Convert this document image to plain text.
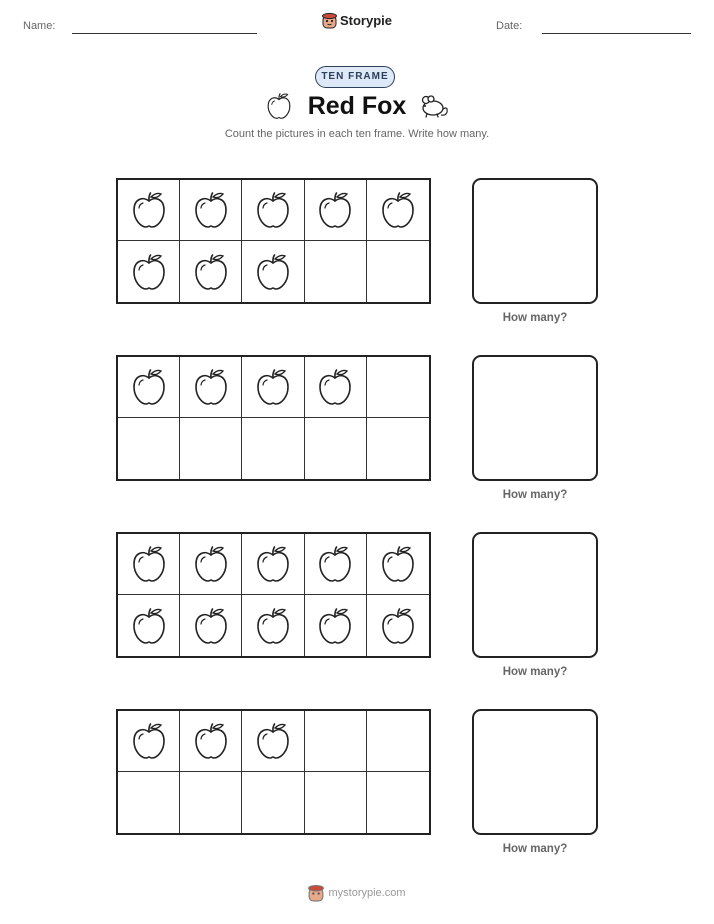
Name:	Storypie	Date:
TEN FRAME
Red Fox
Count the pictures in each ten frame. Write how many.
How many?
How many?
How many?
How many?
mystorypie.com
